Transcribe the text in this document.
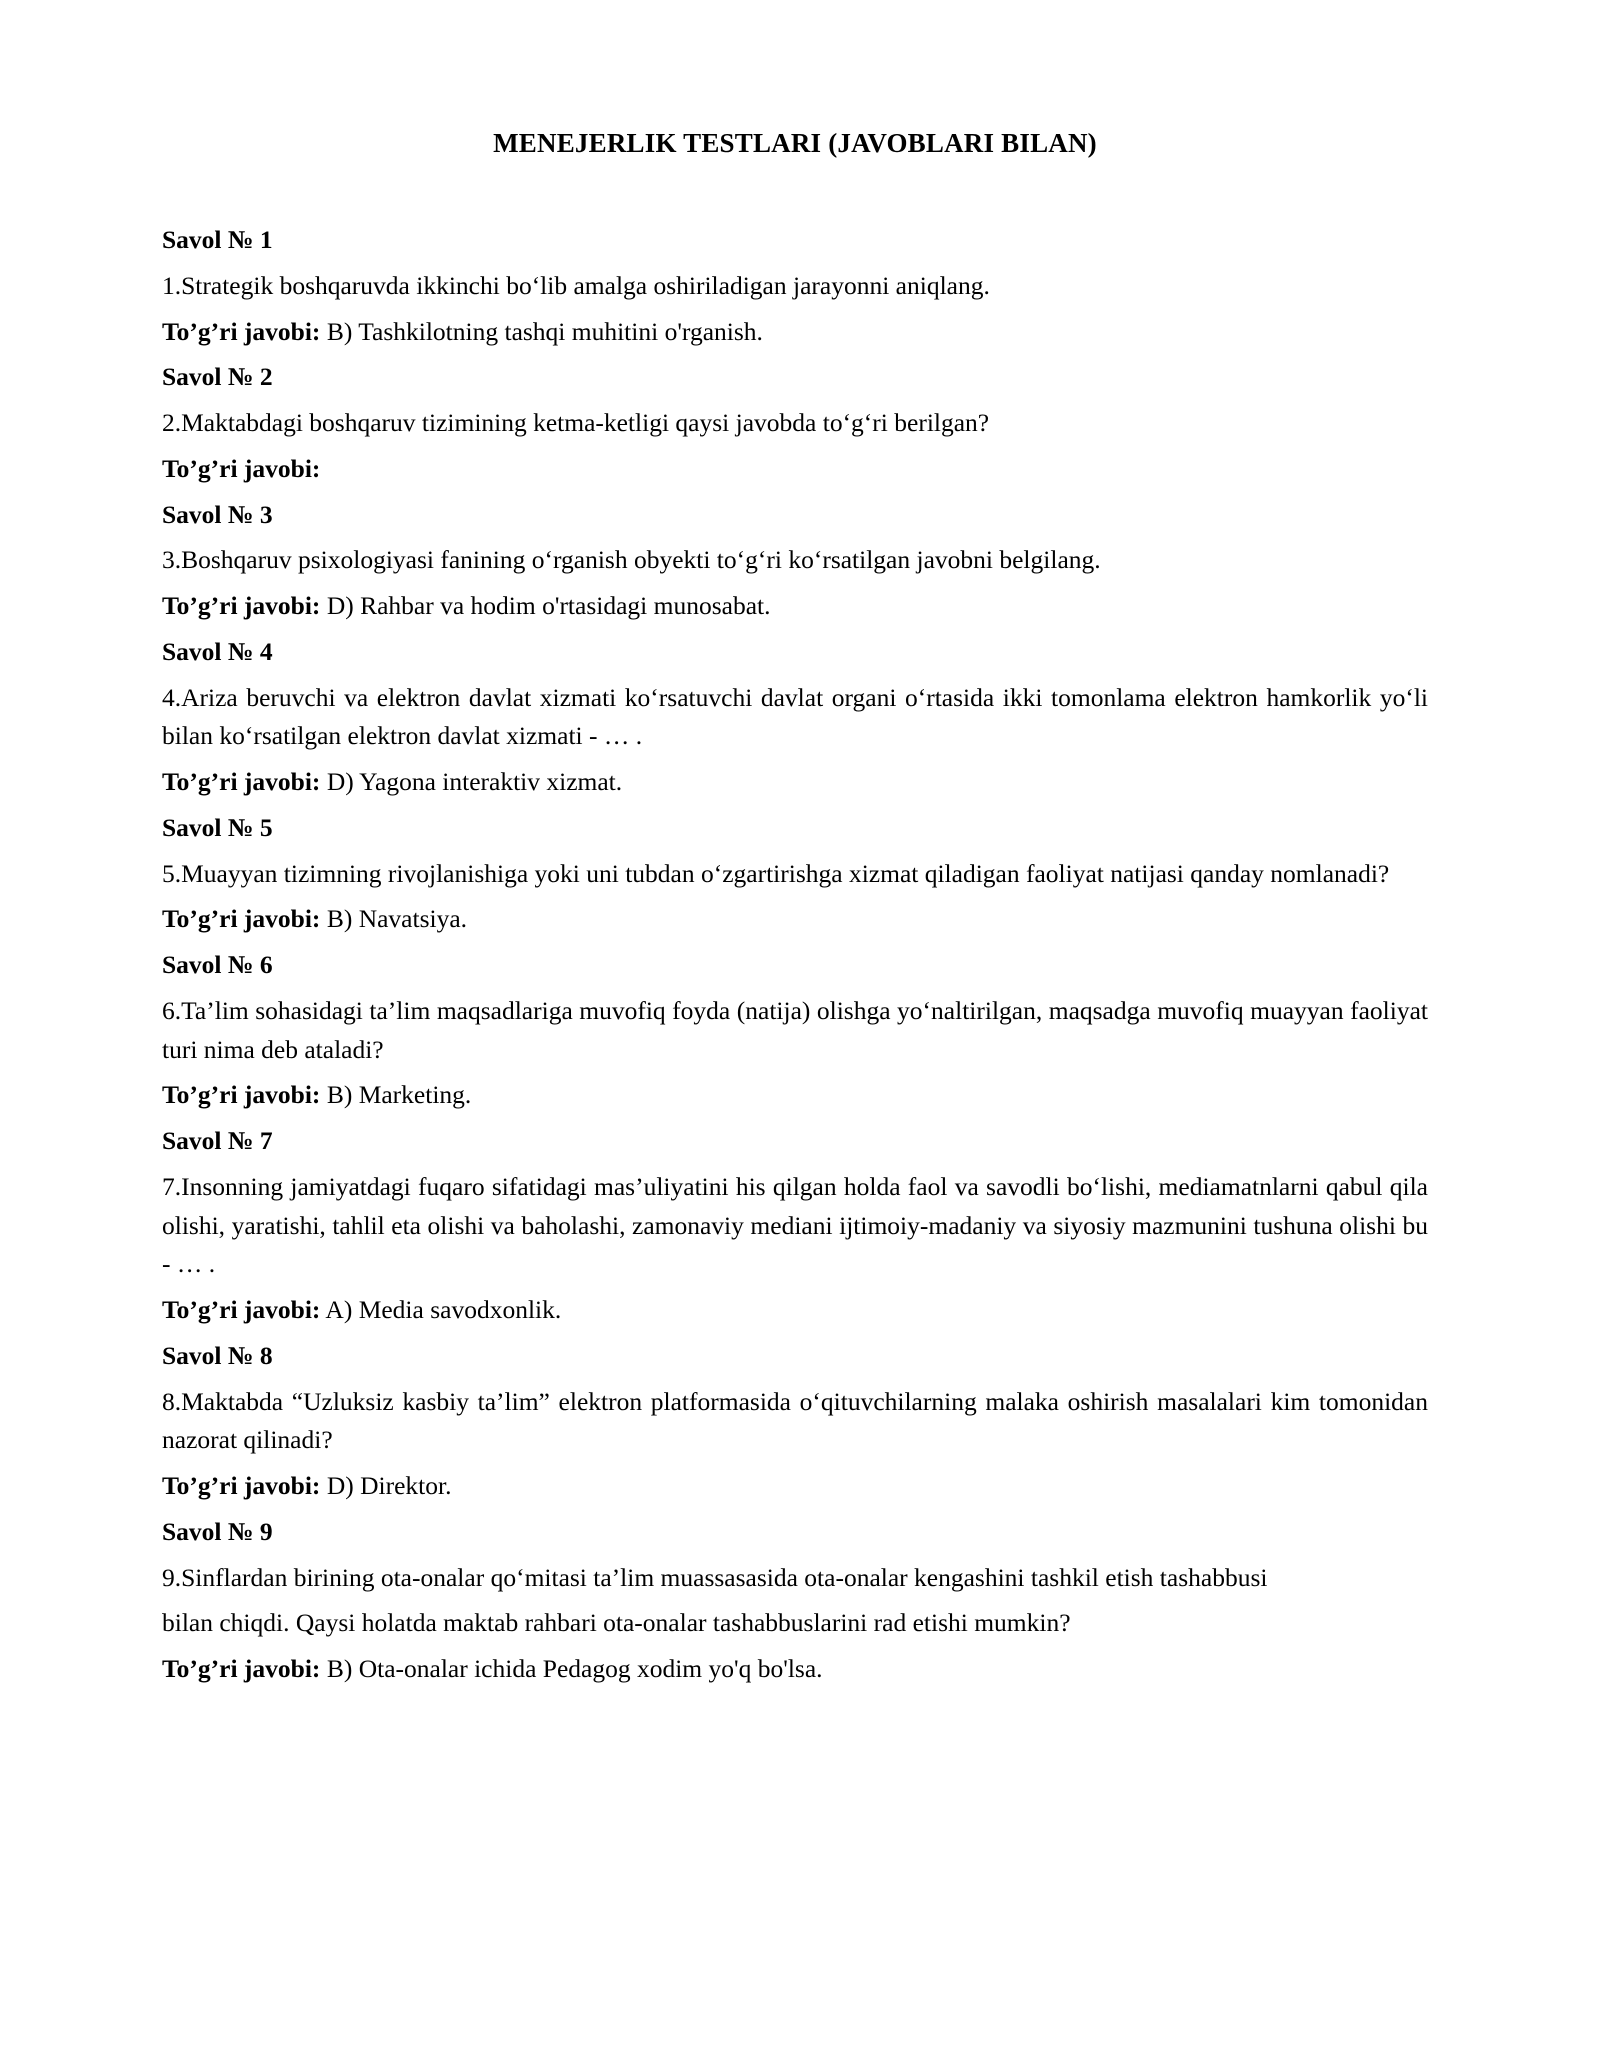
MENEJERLIK TESTLARI (JAVOBLARI BILAN)
Savol № 1
1.Strategik boshqaruvda ikkinchi bo‘lib amalga oshiriladigan jarayonni aniqlang.
To’g’ri javobi: B) Tashkilotning tashqi muhitini o'rganish.
Savol № 2
2.Maktabdagi boshqaruv tizimining ketma-ketligi qaysi javobda to‘g‘ri berilgan?
To’g’ri javobi:
Savol № 3
3.Boshqaruv psixologiyasi fanining o‘rganish obyekti to‘g‘ri ko‘rsatilgan javobni belgilang.
To’g’ri javobi: D) Rahbar va hodim o'rtasidagi munosabat.
Savol № 4
4.Ariza beruvchi va elektron davlat xizmati ko‘rsatuvchi davlat organi o‘rtasida ikki tomonlama elektron hamkorlik yo‘li bilan ko‘rsatilgan elektron davlat xizmati - … .
To’g’ri javobi: D) Yagona interaktiv xizmat.
Savol № 5
5.Muayyan tizimning rivojlanishiga yoki uni tubdan o‘zgartirishga xizmat qiladigan faoliyat natijasi qanday nomlanadi?
To’g’ri javobi: B) Navatsiya.
Savol № 6
6.Ta’lim sohasidagi ta’lim maqsadlariga muvofiq foyda (natija) olishga yo‘naltirilgan, maqsadga muvofiq muayyan faoliyat turi nima deb ataladi?
To’g’ri javobi: B) Marketing.
Savol № 7
7.Insonning jamiyatdagi fuqaro sifatidagi mas’uliyatini his qilgan holda faol va savodli bo‘lishi, mediamatnlarni qabul qila olishi, yaratishi, tahlil eta olishi va baholashi, zamonaviy mediani ijtimoiy-madaniy va siyosiy mazmunini tushuna olishi bu - … .
To’g’ri javobi: A) Media savodxonlik.
Savol № 8
8.Maktabda “Uzluksiz kasbiy ta’lim” elektron platformasida o‘qituvchilarning malaka oshirish masalalari kim tomonidan nazorat qilinadi?
To’g’ri javobi: D) Direktor.
Savol № 9
9.Sinflardan birining ota-onalar qo‘mitasi ta’lim muassasasida ota-onalar kengashini tashkil etish tashabbusi
bilan chiqdi. Qaysi holatda maktab rahbari ota-onalar tashabbuslarini rad etishi mumkin?
To’g’ri javobi: B) Ota-onalar ichida Pedagog xodim yo'q bo'lsa.
